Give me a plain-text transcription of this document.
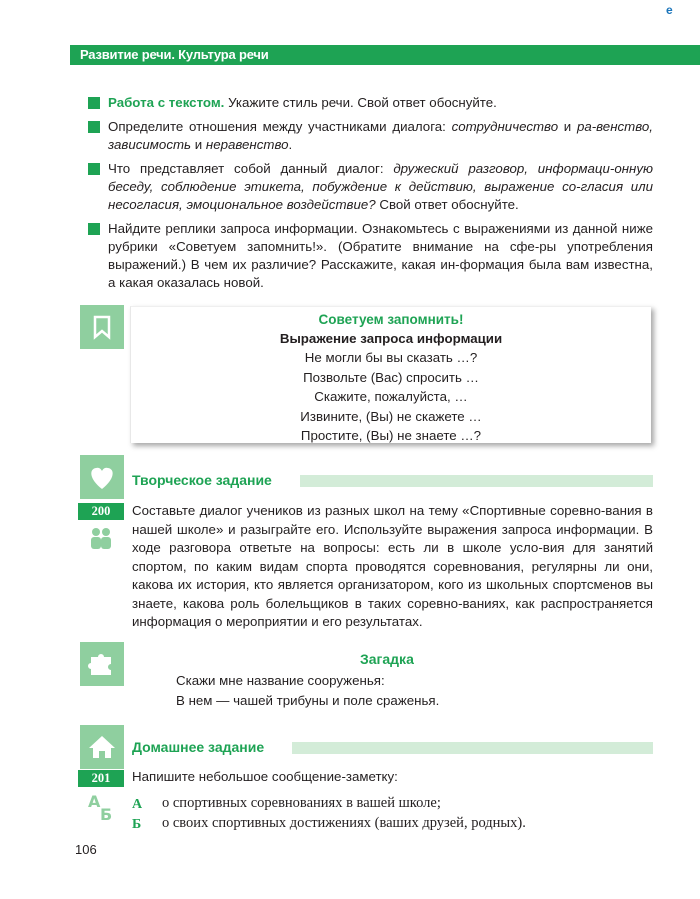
e
Развитие речи. Культура речи
Работа с текстом. Укажите стиль речи. Свой ответ обоснуйте.
Определите отношения между участниками диалога: сотрудничество и ра-венство, зависимость и неравенство.
Что представляет собой данный диалог: дружеский разговор, информаци-онную беседу, соблюдение этикета, побуждение к действию, выражение со-гласия или несогласия, эмоциональное воздействие? Свой ответ обоснуйте.
Найдите реплики запроса информации. Ознакомьтесь с выражениями из данной ниже рубрики «Советуем запомнить!». (Обратите внимание на сфе-ры употребления выражений.) В чем их различие? Расскажите, какая ин-формация была вам известна, а какая оказалась новой.
Советуем запомнить!
Выражение запроса информации
Не могли бы вы сказать …?
Позвольте (Вас) спросить …
Скажите, пожалуйста, …
Извините, (Вы) не скажете …
Простите, (Вы) не знаете …?
Творческое задание
200	Составьте диалог учеников из разных школ на тему «Спортивные соревно-вания в нашей школе» и разыграйте его. Используйте выражения запроса информации. В ходе разговора ответьте на вопросы: есть ли в школе усло-вия для занятий спортом, по каким видам спорта проводятся соревнования, регулярны ли они, какова их история, кто является организатором, кого из школьных спортсменов вы знаете, какова роль болельщиков в таких соревно-ваниях, как распространяется информация о мероприятии и его результатах.
Загадка
Скажи мне название сооруженья:
В нем — чашей трибуны и поле сраженья.
Домашнее задание
201	Напишите небольшое сообщение-заметку:
А
Б
А о спортивных соревнованиях в вашей школе;
Б о своих спортивных достижениях (ваших друзей, родных).
106
